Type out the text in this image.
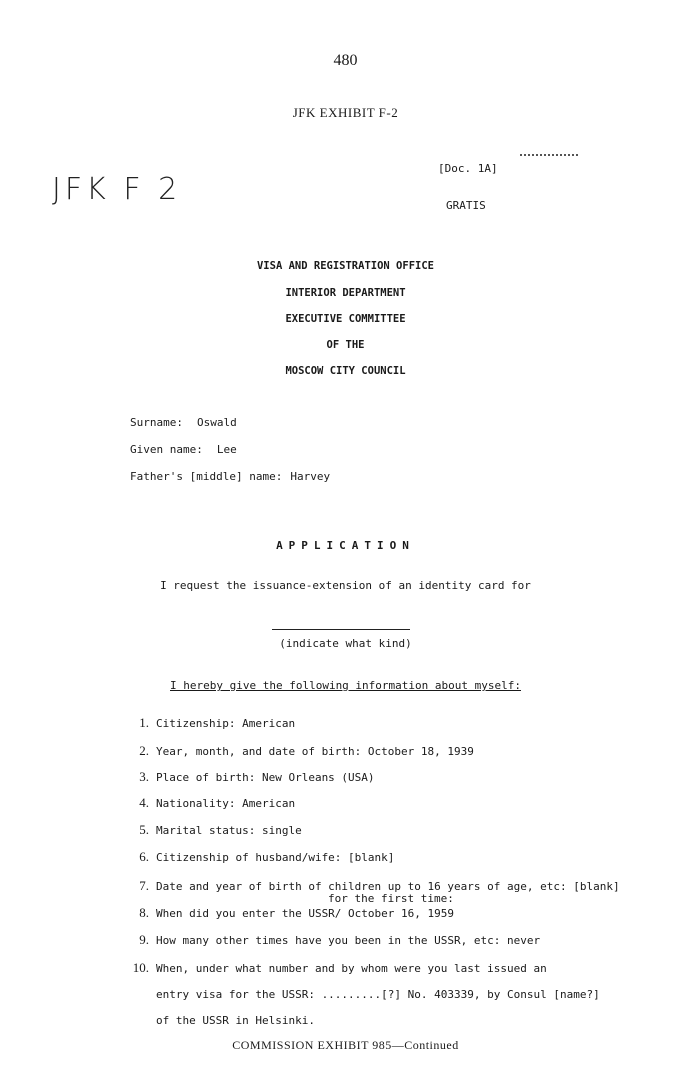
480
JFK EXHIBIT F-2
JFK F 2
[Doc. 1A]
GRATIS
VISA AND REGISTRATION OFFICE
INTERIOR DEPARTMENT
EXECUTIVE COMMITTEE
OF THE
MOSCOW CITY COUNCIL
Surname: Oswald
Given name: Lee
Father's [middle] name: Harvey
APPLICATION
I request the issuance-extension of an identity card for
(indicate what kind)
I hereby give the following information about myself:
1. Citizenship: American
2. Year, month, and date of birth: October 18, 1939
3. Place of birth: New Orleans (USA)
4. Nationality: American
5. Marital status: single
6. Citizenship of husband/wife: [blank]
7. Date and year of birth of children up to 16 years of age, etc: [blank]
for the first time:
8. When did you enter the USSR/ October 16, 1959
9. How many other times have you been in the USSR, etc: never
10. When, under what number and by whom were you last issued an
entry visa for the USSR: .........[?] No. 403339, by Consul [name?]
of the USSR in Helsinki.
COMMISSION EXHIBIT 985—Continued
